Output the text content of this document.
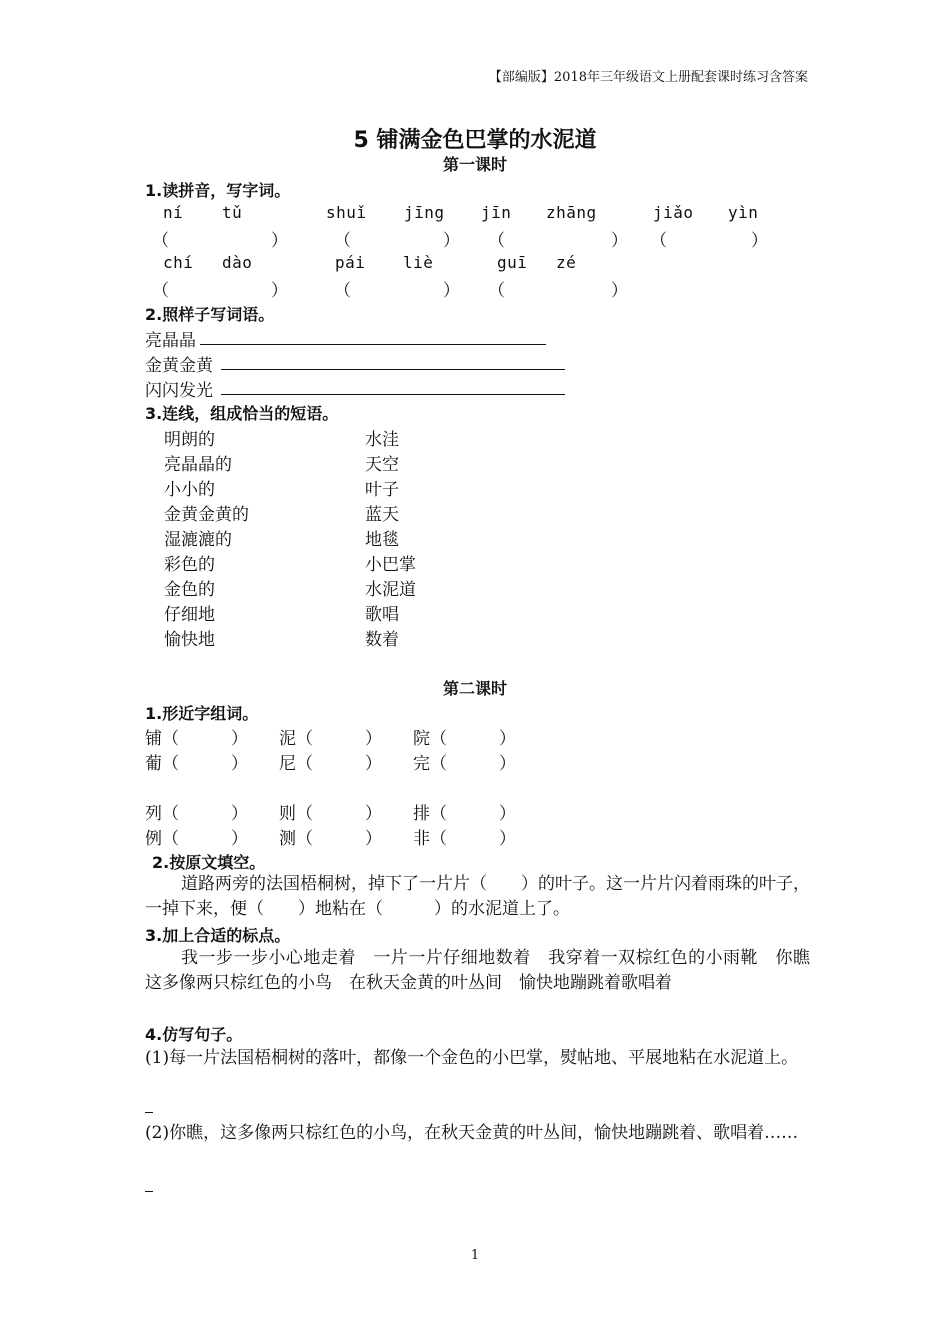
【部编版】2018年三年级语文上册配套课时练习含答案
5 铺满金色巴掌的水泥道
第一课时
1.读拼音，写字词。
ní tǔ	shuǐ jīng jīn zhāng	jiǎo yìn
（	）	（	） （	） （	）
chí dào	pái liè	guī zé
（	）	（	） （	）
2.照样子写词语。
亮晶晶
金黄金黄
闪闪发光
3.连线，组成恰当的短语。
明朗的
亮晶晶的
小小的
金黄金黄的
湿漉漉的
彩色的
金色的
仔细地
愉快地
水洼
天空
叶子
蓝天
地毯
小巴掌
水泥道
歌唱
数着
第二课时
1.形近字组词。
铺（	） 泥（	） 院（	）
葡（	） 尼（	） 完（	）
列（	） 则（	） 排（	）
例（	） 测（	） 非（	）
2.按原文填空。
道路两旁的法国梧桐树，掉下了一片片（　　）的叶子。这一片片闪着雨珠的叶子，一掉下来，便（　　）地粘在（　　　）的水泥道上了。
3.加上合适的标点。
我一步一步小心地走着　一片一片仔细地数着　我穿着一双棕红色的小雨靴　你瞧　这多像两只棕红色的小鸟　在秋天金黄的叶丛间　愉快地蹦跳着歌唱着
4.仿写句子。
(1)每一片法国梧桐树的落叶，都像一个金色的小巴掌，熨帖地、平展地粘在水泥道上。
(2)你瞧，这多像两只棕红色的小鸟，在秋天金黄的叶丛间，愉快地蹦跳着、歌唱着……
1
